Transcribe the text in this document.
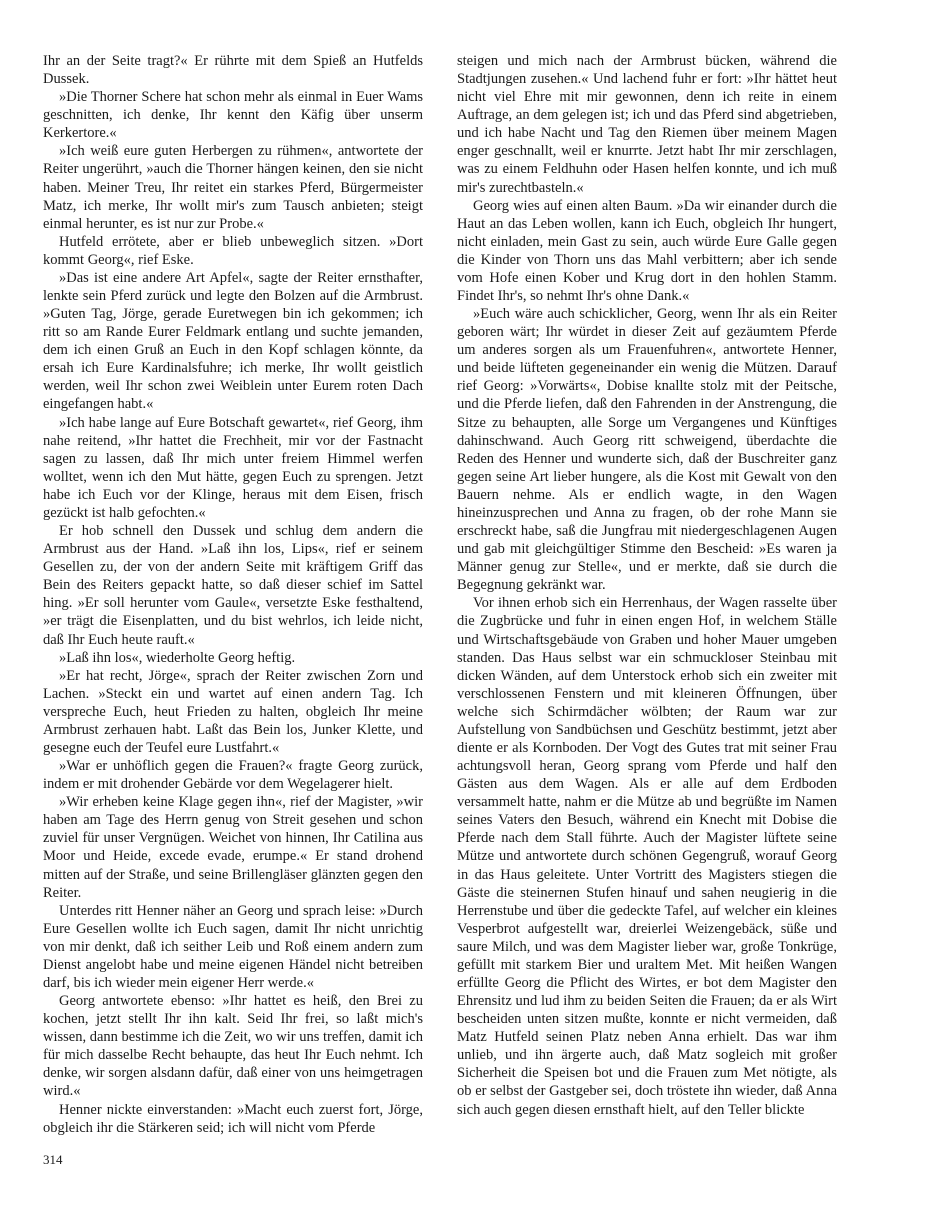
Ihr an der Seite tragt?« Er rührte mit dem Spieß an Hutfelds Dussek.

»Die Thorner Schere hat schon mehr als einmal in Euer Wams geschnitten, ich denke, Ihr kennt den Käfig über unserm Kerkertore.«

»Ich weiß eure guten Herbergen zu rühmen«, antwortete der Reiter ungerührt, »auch die Thorner hängen keinen, den sie nicht haben. Meiner Treu, Ihr reitet ein starkes Pferd, Bürgermeister Matz, ich merke, Ihr wollt mir's zum Tausch anbieten; steigt einmal herunter, es ist nur zur Probe.«

Hutfeld errötete, aber er blieb unbeweglich sitzen. »Dort kommt Georg«, rief Eske.

»Das ist eine andere Art Apfel«, sagte der Reiter ernsthafter, lenkte sein Pferd zurück und legte den Bolzen auf die Armbrust. »Guten Tag, Jörge, gerade Euretwegen bin ich gekommen; ich ritt so am Rande Eurer Feldmark entlang und suchte jemanden, dem ich einen Gruß an Euch in den Kopf schlagen könnte, da ersah ich Eure Kardinalsfuhre; ich merke, Ihr wollt geistlich werden, weil Ihr schon zwei Weiblein unter Eurem roten Dach eingefangen habt.«

»Ich habe lange auf Eure Botschaft gewartet«, rief Georg, ihm nahe reitend, »Ihr hattet die Frechheit, mir vor der Fastnacht sagen zu lassen, daß Ihr mich unter freiem Himmel werfen wolltet, wenn ich den Mut hätte, gegen Euch zu sprengen. Jetzt habe ich Euch vor der Klinge, heraus mit dem Eisen, frisch gezückt ist halb gefochten.«

Er hob schnell den Dussek und schlug dem andern die Armbrust aus der Hand. »Laß ihn los, Lips«, rief er seinem Gesellen zu, der von der andern Seite mit kräftigem Griff das Bein des Reiters gepackt hatte, so daß dieser schief im Sattel hing. »Er soll herunter vom Gaule«, versetzte Eske festhaltend, »er trägt die Eisenplatten, und du bist wehrlos, ich leide nicht, daß Ihr Euch heute rauft.«

»Laß ihn los«, wiederholte Georg heftig.

»Er hat recht, Jörge«, sprach der Reiter zwischen Zorn und Lachen. »Steckt ein und wartet auf einen andern Tag. Ich verspreche Euch, heut Frieden zu halten, obgleich Ihr meine Armbrust zerhauen habt. Laßt das Bein los, Junker Klette, und gesegne euch der Teufel eure Lustfahrt.«

»War er unhöflich gegen die Frauen?« fragte Georg zurück, indem er mit drohender Gebärde vor dem Wegelagerer hielt.

»Wir erheben keine Klage gegen ihn«, rief der Magister, »wir haben am Tage des Herrn genug von Streit gesehen und schon zuviel für unser Vergnügen. Weichet von hinnen, Ihr Catilina aus Moor und Heide, excede evade, erumpe.« Er stand drohend mitten auf der Straße, und seine Brillengläser glänzten gegen den Reiter.

Unterdes ritt Henner näher an Georg und sprach leise: »Durch Eure Gesellen wollte ich Euch sagen, damit Ihr nicht unrichtig von mir denkt, daß ich seither Leib und Roß einem andern zum Dienst angelobt habe und meine eigenen Händel nicht betreiben darf, bis ich wieder mein eigener Herr werde.«

Georg antwortete ebenso: »Ihr hattet es heiß, den Brei zu kochen, jetzt stellt Ihr ihn kalt. Seid Ihr frei, so laßt mich's wissen, dann bestimme ich die Zeit, wo wir uns treffen, damit ich für mich dasselbe Recht behaupte, das heut Ihr Euch nehmt. Ich denke, wir sorgen alsdann dafür, daß einer von uns heimgetragen wird.«

Henner nickte einverstanden: »Macht euch zuerst fort, Jörge, obgleich ihr die Stärkeren seid; ich will nicht vom Pferde

steigen und mich nach der Armbrust bücken, während die Stadtjungen zusehen.« Und lachend fuhr er fort: »Ihr hättet heut nicht viel Ehre mit mir gewonnen, denn ich reite in einem Auftrage, an dem gelegen ist; ich und das Pferd sind abgetrieben, und ich habe Nacht und Tag den Riemen über meinem Magen enger geschnallt, weil er knurrte. Jetzt habt Ihr mir zerschlagen, was zu einem Feldhuhn oder Hasen helfen konnte, und ich muß mir's zurechtbasteln.«

Georg wies auf einen alten Baum. »Da wir einander durch die Haut an das Leben wollen, kann ich Euch, obgleich Ihr hungert, nicht einladen, mein Gast zu sein, auch würde Eure Galle gegen die Kinder von Thorn uns das Mahl verbittern; aber ich sende vom Hofe einen Kober und Krug dort in den hohlen Stamm. Findet Ihr's, so nehmt Ihr's ohne Dank.«

»Euch wäre auch schicklicher, Georg, wenn Ihr als ein Reiter geboren wärt; Ihr würdet in dieser Zeit auf gezäumtem Pferde um anderes sorgen als um Frauenfuhren«, antwortete Henner, und beide lüfteten gegeneinander ein wenig die Mützen. Darauf rief Georg: »Vorwärts«, Dobise knallte stolz mit der Peitsche, und die Pferde liefen, daß den Fahrenden in der Anstrengung, die Sitze zu behaupten, alle Sorge um Vergangenes und Künftiges dahinschwand. Auch Georg ritt schweigend, überdachte die Reden des Henner und wunderte sich, daß der Buschreiter ganz gegen seine Art lieber hungere, als die Kost mit Gewalt von den Bauern nehme. Als er endlich wagte, in den Wagen hineinzusprechen und Anna zu fragen, ob der rohe Mann sie erschreckt habe, saß die Jungfrau mit niedergeschlagenen Augen und gab mit gleichgültiger Stimme den Bescheid: »Es waren ja Männer genug zur Stelle«, und er merkte, daß sie durch die Begegnung gekränkt war.

Vor ihnen erhob sich ein Herrenhaus, der Wagen rasselte über die Zugbrücke und fuhr in einen engen Hof, in welchem Ställe und Wirtschaftsgebäude von Graben und hoher Mauer umgeben standen. Das Haus selbst war ein schmuckloser Steinbau mit dicken Wänden, auf dem Unterstock erhob sich ein zweiter mit verschlossenen Fenstern und mit kleineren Öffnungen, über welche sich Schirmdächer wölbten; der Raum war zur Aufstellung von Sandbüchsen und Geschütz bestimmt, jetzt aber diente er als Kornboden. Der Vogt des Gutes trat mit seiner Frau achtungsvoll heran, Georg sprang vom Pferde und half den Gästen aus dem Wagen. Als er alle auf dem Erdboden versammelt hatte, nahm er die Mütze ab und begrüßte im Namen seines Vaters den Besuch, während ein Knecht mit Dobise die Pferde nach dem Stall führte. Auch der Magister lüftete seine Mütze und antwortete durch schönen Gegengruß, worauf Georg in das Haus geleitete. Unter Vortritt des Magisters stiegen die Gäste die steinernen Stufen hinauf und sahen neugierig in die Herrenstube und über die gedeckte Tafel, auf welcher ein kleines Vesperbrot aufgestellt war, dreierlei Weizengebäck, süße und saure Milch, und was dem Magister lieber war, große Tonkrüge, gefüllt mit starkem Bier und uraltem Met. Mit heißen Wangen erfüllte Georg die Pflicht des Wirtes, er bot dem Magister den Ehrensitz und lud ihm zu beiden Seiten die Frauen; da er als Wirt bescheiden unten sitzen mußte, konnte er nicht vermeiden, daß Matz Hutfeld seinen Platz neben Anna erhielt. Das war ihm unlieb, und ihn ärgerte auch, daß Matz sogleich mit großer Sicherheit die Speisen bot und die Frauen zum Met nötigte, als ob er selbst der Gastgeber sei, doch tröstete ihn wieder, daß Anna sich auch gegen diesen ernsthaft hielt, auf den Teller blickte

314
